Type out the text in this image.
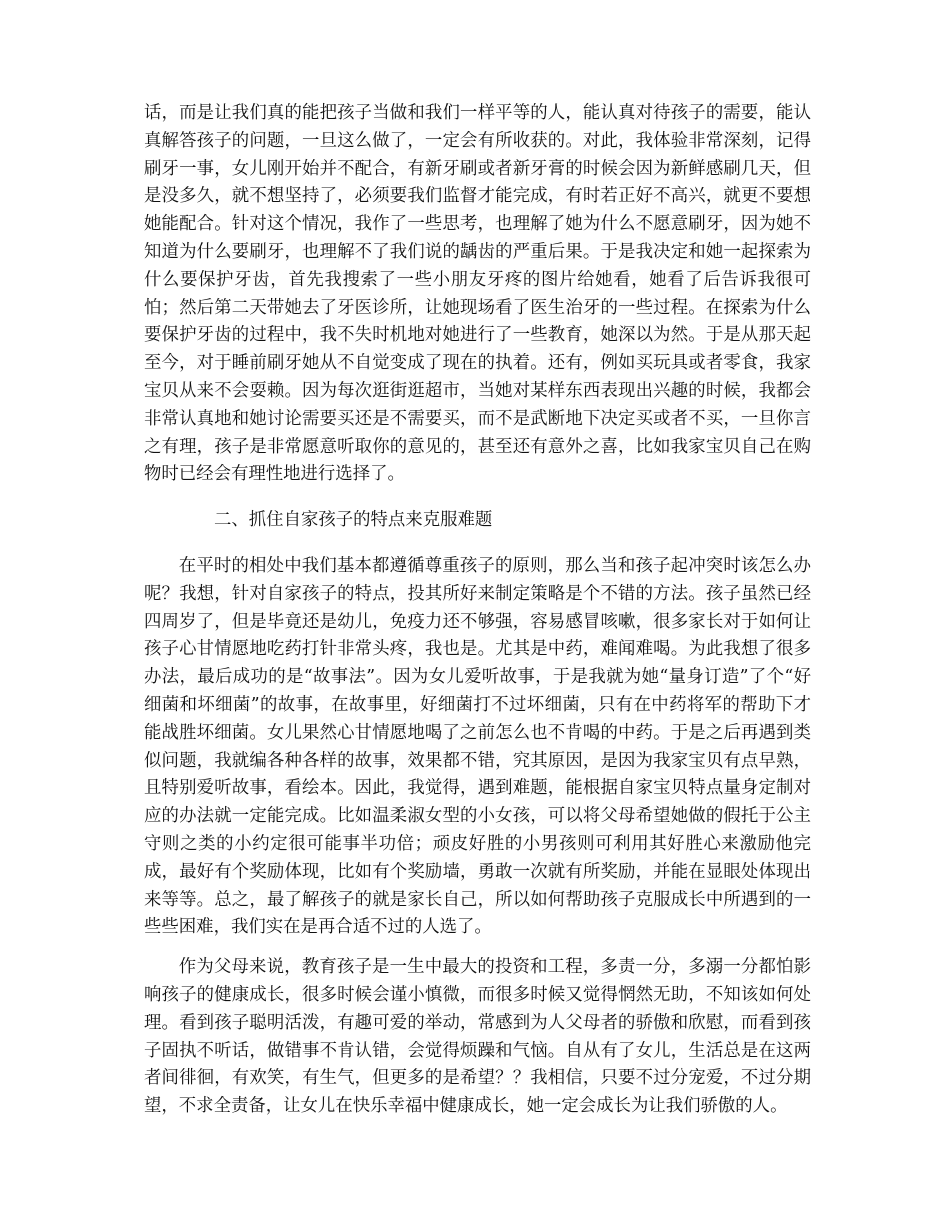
话，而是让我们真的能把孩子当做和我们一样平等的人，能认真对待孩子的需要，能认真解答孩子的问题，一旦这么做了，一定会有所收获的。对此，我体验非常深刻，记得刷牙一事，女儿刚开始并不配合，有新牙刷或者新牙膏的时候会因为新鲜感刷几天，但是没多久，就不想坚持了，必须要我们监督才能完成，有时若正好不高兴，就更不要想她能配合。针对这个情况，我作了一些思考，也理解了她为什么不愿意刷牙，因为她不知道为什么要刷牙，也理解不了我们说的龋齿的严重后果。于是我决定和她一起探索为什么要保护牙齿，首先我搜索了一些小朋友牙疼的图片给她看，她看了后告诉我很可怕；然后第二天带她去了牙医诊所，让她现场看了医生治牙的一些过程。在探索为什么要保护牙齿的过程中，我不失时机地对她进行了一些教育，她深以为然。于是从那天起至今，对于睡前刷牙她从不自觉变成了现在的执着。还有，例如买玩具或者零食，我家宝贝从来不会耍赖。因为每次逛街逛超市，当她对某样东西表现出兴趣的时候，我都会非常认真地和她讨论需要买还是不需要买，而不是武断地下决定买或者不买，一旦你言之有理，孩子是非常愿意听取你的意见的，甚至还有意外之喜，比如我家宝贝自己在购物时已经会有理性地进行选择了。

二、抓住自家孩子的特点来克服难题

在平时的相处中我们基本都遵循尊重孩子的原则，那么当和孩子起冲突时该怎么办呢？我想，针对自家孩子的特点，投其所好来制定策略是个不错的方法。孩子虽然已经四周岁了，但是毕竟还是幼儿，免疫力还不够强，容易感冒咳嗽，很多家长对于如何让孩子心甘情愿地吃药打针非常头疼，我也是。尤其是中药，难闻难喝。为此我想了很多办法，最后成功的是“故事法”。因为女儿爱听故事，于是我就为她“量身订造”了个“好细菌和坏细菌”的故事，在故事里，好细菌打不过坏细菌，只有在中药将军的帮助下才能战胜坏细菌。女儿果然心甘情愿地喝了之前怎么也不肯喝的中药。于是之后再遇到类似问题，我就编各种各样的故事，效果都不错，究其原因，是因为我家宝贝有点早熟，且特别爱听故事，看绘本。因此，我觉得，遇到难题，能根据自家宝贝特点量身定制对应的办法就一定能完成。比如温柔淑女型的小女孩，可以将父母希望她做的假托于公主守则之类的小约定很可能事半功倍；顽皮好胜的小男孩则可利用其好胜心来激励他完成，最好有个奖励体现，比如有个奖励墙，勇敢一次就有所奖励，并能在显眼处体现出来等等。总之，最了解孩子的就是家长自己，所以如何帮助孩子克服成长中所遇到的一些些困难，我们实在是再合适不过的人选了。

作为父母来说，教育孩子是一生中最大的投资和工程，多责一分，多溺一分都怕影响孩子的健康成长，很多时候会谨小慎微，而很多时候又觉得惘然无助，不知该如何处理。看到孩子聪明活泼，有趣可爱的举动，常感到为人父母者的骄傲和欣慰，而看到孩子固执不听话，做错事不肯认错，会觉得烦躁和气恼。自从有了女儿，生活总是在这两者间徘徊，有欢笑，有生气，但更多的是希望？？我相信，只要不过分宠爱，不过分期望，不求全责备，让女儿在快乐幸福中健康成长，她一定会成长为让我们骄傲的人。
